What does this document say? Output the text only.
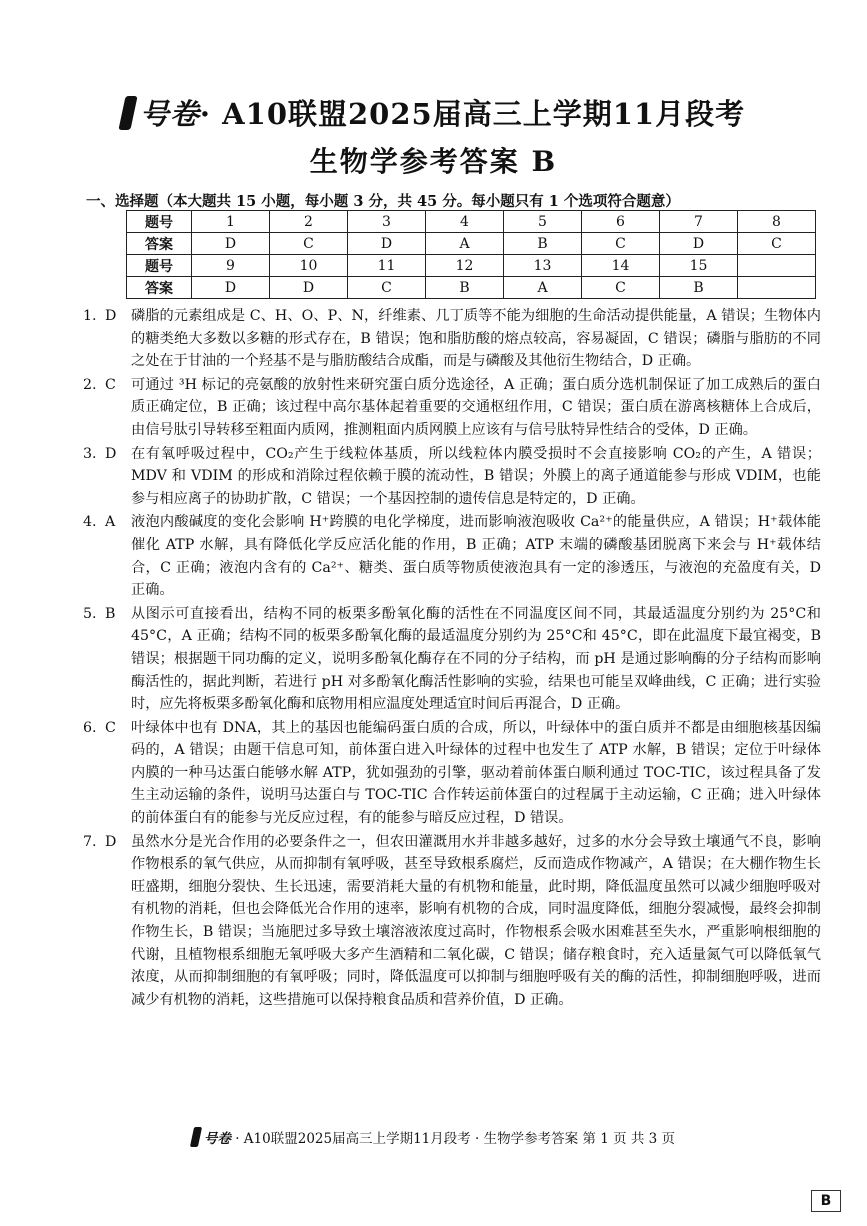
号卷· A10联盟2025届高三上学期11月段考
生物学参考答案 B
一、选择题（本大题共 15 小题，每小题 3 分，共 45 分。每小题只有 1 个选项符合题意）
题号	1	2	3	4	5	6	7	8
答案	D	C	D	A	B	C	D	C
题号	9	10	11	12	13	14	15	
答案	D	D	C	B	A	C	B	
1. D	磷脂的元素组成是 C、H、O、P、N，纤维素、几丁质等不能为细胞的生命活动提供能量，A 错误；生物体内的糖类绝大多数以多糖的形式存在，B 错误；饱和脂肪酸的熔点较高，容易凝固，C 错误；磷脂与脂肪的不同之处在于甘油的一个羟基不是与脂肪酸结合成酯，而是与磷酸及其他衍生物结合，D 正确。
2. C	可通过 ³H 标记的亮氨酸的放射性来研究蛋白质分选途径，A 正确；蛋白质分选机制保证了加工成熟后的蛋白质正确定位，B 正确；该过程中高尔基体起着重要的交通枢纽作用，C 错误；蛋白质在游离核糖体上合成后，由信号肽引导转移至粗面内质网，推测粗面内质网膜上应该有与信号肽特异性结合的受体，D 正确。
3. D	在有氧呼吸过程中，CO₂产生于线粒体基质，所以线粒体内膜受损时不会直接影响 CO₂的产生，A 错误；MDV 和 VDIM 的形成和消除过程依赖于膜的流动性，B 错误；外膜上的离子通道能参与形成 VDIM，也能参与相应离子的协助扩散，C 错误；一个基因控制的遗传信息是特定的，D 正确。
4. A	液泡内酸碱度的变化会影响 H⁺跨膜的电化学梯度，进而影响液泡吸收 Ca²⁺的能量供应，A 错误；H⁺载体能催化 ATP 水解，具有降低化学反应活化能的作用，B 正确；ATP 末端的磷酸基团脱离下来会与 H⁺载体结合，C 正确；液泡内含有的 Ca²⁺、糖类、蛋白质等物质使液泡具有一定的渗透压，与液泡的充盈度有关，D 正确。
5. B	从图示可直接看出，结构不同的板栗多酚氧化酶的活性在不同温度区间不同，其最适温度分别约为 25°C和 45°C，A 正确；结构不同的板栗多酚氧化酶的最适温度分别约为 25°C和 45°C，即在此温度下最宜褐变，B 错误；根据题干同功酶的定义，说明多酚氧化酶存在不同的分子结构，而 pH 是通过影响酶的分子结构而影响酶活性的，据此判断，若进行 pH 对多酚氧化酶活性影响的实验，结果也可能呈双峰曲线，C 正确；进行实验时，应先将板栗多酚氧化酶和底物用相应温度处理适宜时间后再混合，D 正确。
6. C	叶绿体中也有 DNA，其上的基因也能编码蛋白质的合成，所以，叶绿体中的蛋白质并不都是由细胞核基因编码的，A 错误；由题干信息可知，前体蛋白进入叶绿体的过程中也发生了 ATP 水解，B 错误；定位于叶绿体内膜的一种马达蛋白能够水解 ATP，犹如强劲的引擎，驱动着前体蛋白顺利通过 TOC-TIC，该过程具备了发生主动运输的条件，说明马达蛋白与 TOC-TIC 合作转运前体蛋白的过程属于主动运输，C 正确；进入叶绿体的前体蛋白有的能参与光反应过程，有的能参与暗反应过程，D 错误。
7. D	虽然水分是光合作用的必要条件之一，但农田灌溉用水并非越多越好，过多的水分会导致土壤通气不良，影响作物根系的氧气供应，从而抑制有氧呼吸，甚至导致根系腐烂，反而造成作物减产，A 错误；在大棚作物生长旺盛期，细胞分裂快、生长迅速，需要消耗大量的有机物和能量，此时期，降低温度虽然可以减少细胞呼吸对有机物的消耗，但也会降低光合作用的速率，影响有机物的合成，同时温度降低，细胞分裂减慢，最终会抑制作物生长，B 错误；当施肥过多导致土壤溶液浓度过高时，作物根系会吸水困难甚至失水，严重影响根细胞的代谢，且植物根系细胞无氧呼吸大多产生酒精和二氧化碳，C 错误；储存粮食时，充入适量氮气可以降低氧气浓度，从而抑制细胞的有氧呼吸；同时，降低温度可以抑制与细胞呼吸有关的酶的活性，抑制细胞呼吸，进而减少有机物的消耗，这些措施可以保持粮食品质和营养价值，D 正确。
号卷 · A10联盟2025届高三上学期11月段考 · 生物学参考答案 第 1 页 共 3 页
B
